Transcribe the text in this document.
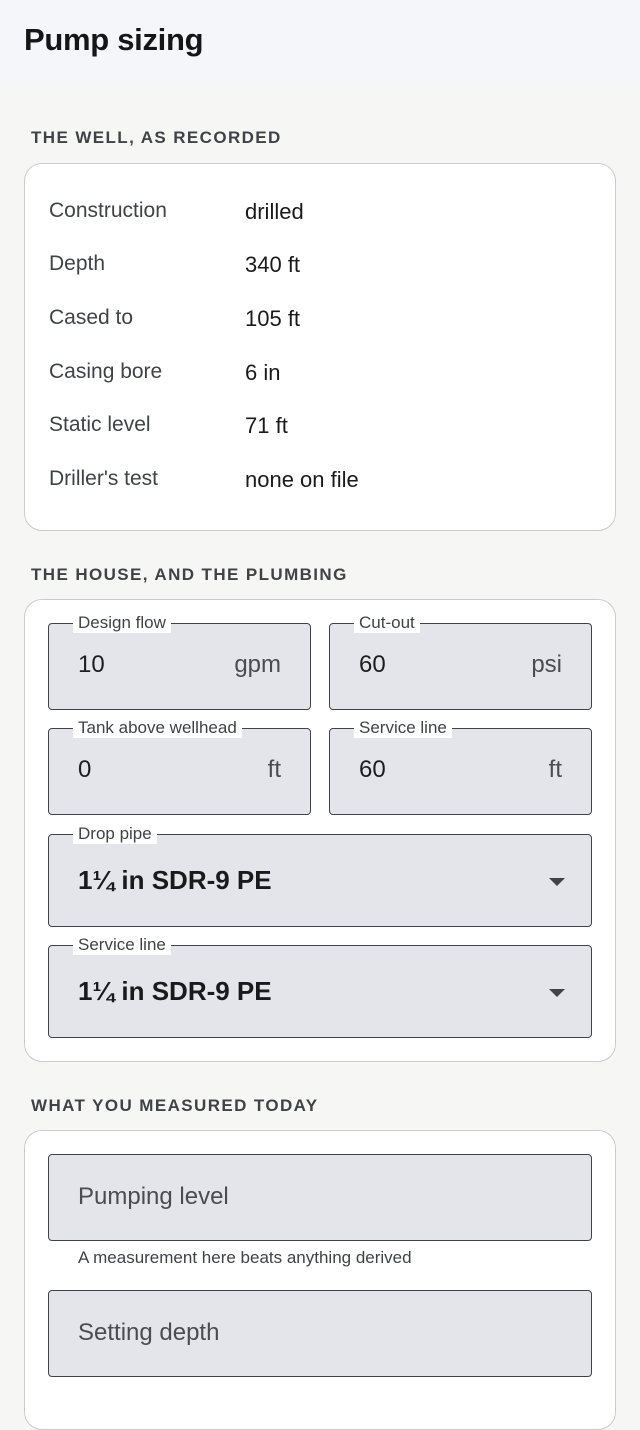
Pump sizing
THE WELL, AS RECORDED
Construction	drilled
Depth	340 ft
Cased to	105 ft
Casing bore	6 in
Static level	71 ft
Driller's test	none on file
THE HOUSE, AND THE PLUMBING
Design flow
10	gpm
Cut-out
60	psi
Tank above wellhead
0	ft
Service line
60	ft
Drop pipe
1¼ in SDR-9 PE
Service line
1¼ in SDR-9 PE
WHAT YOU MEASURED TODAY
Pumping level
Setting depth
A measurement here beats anything derived
